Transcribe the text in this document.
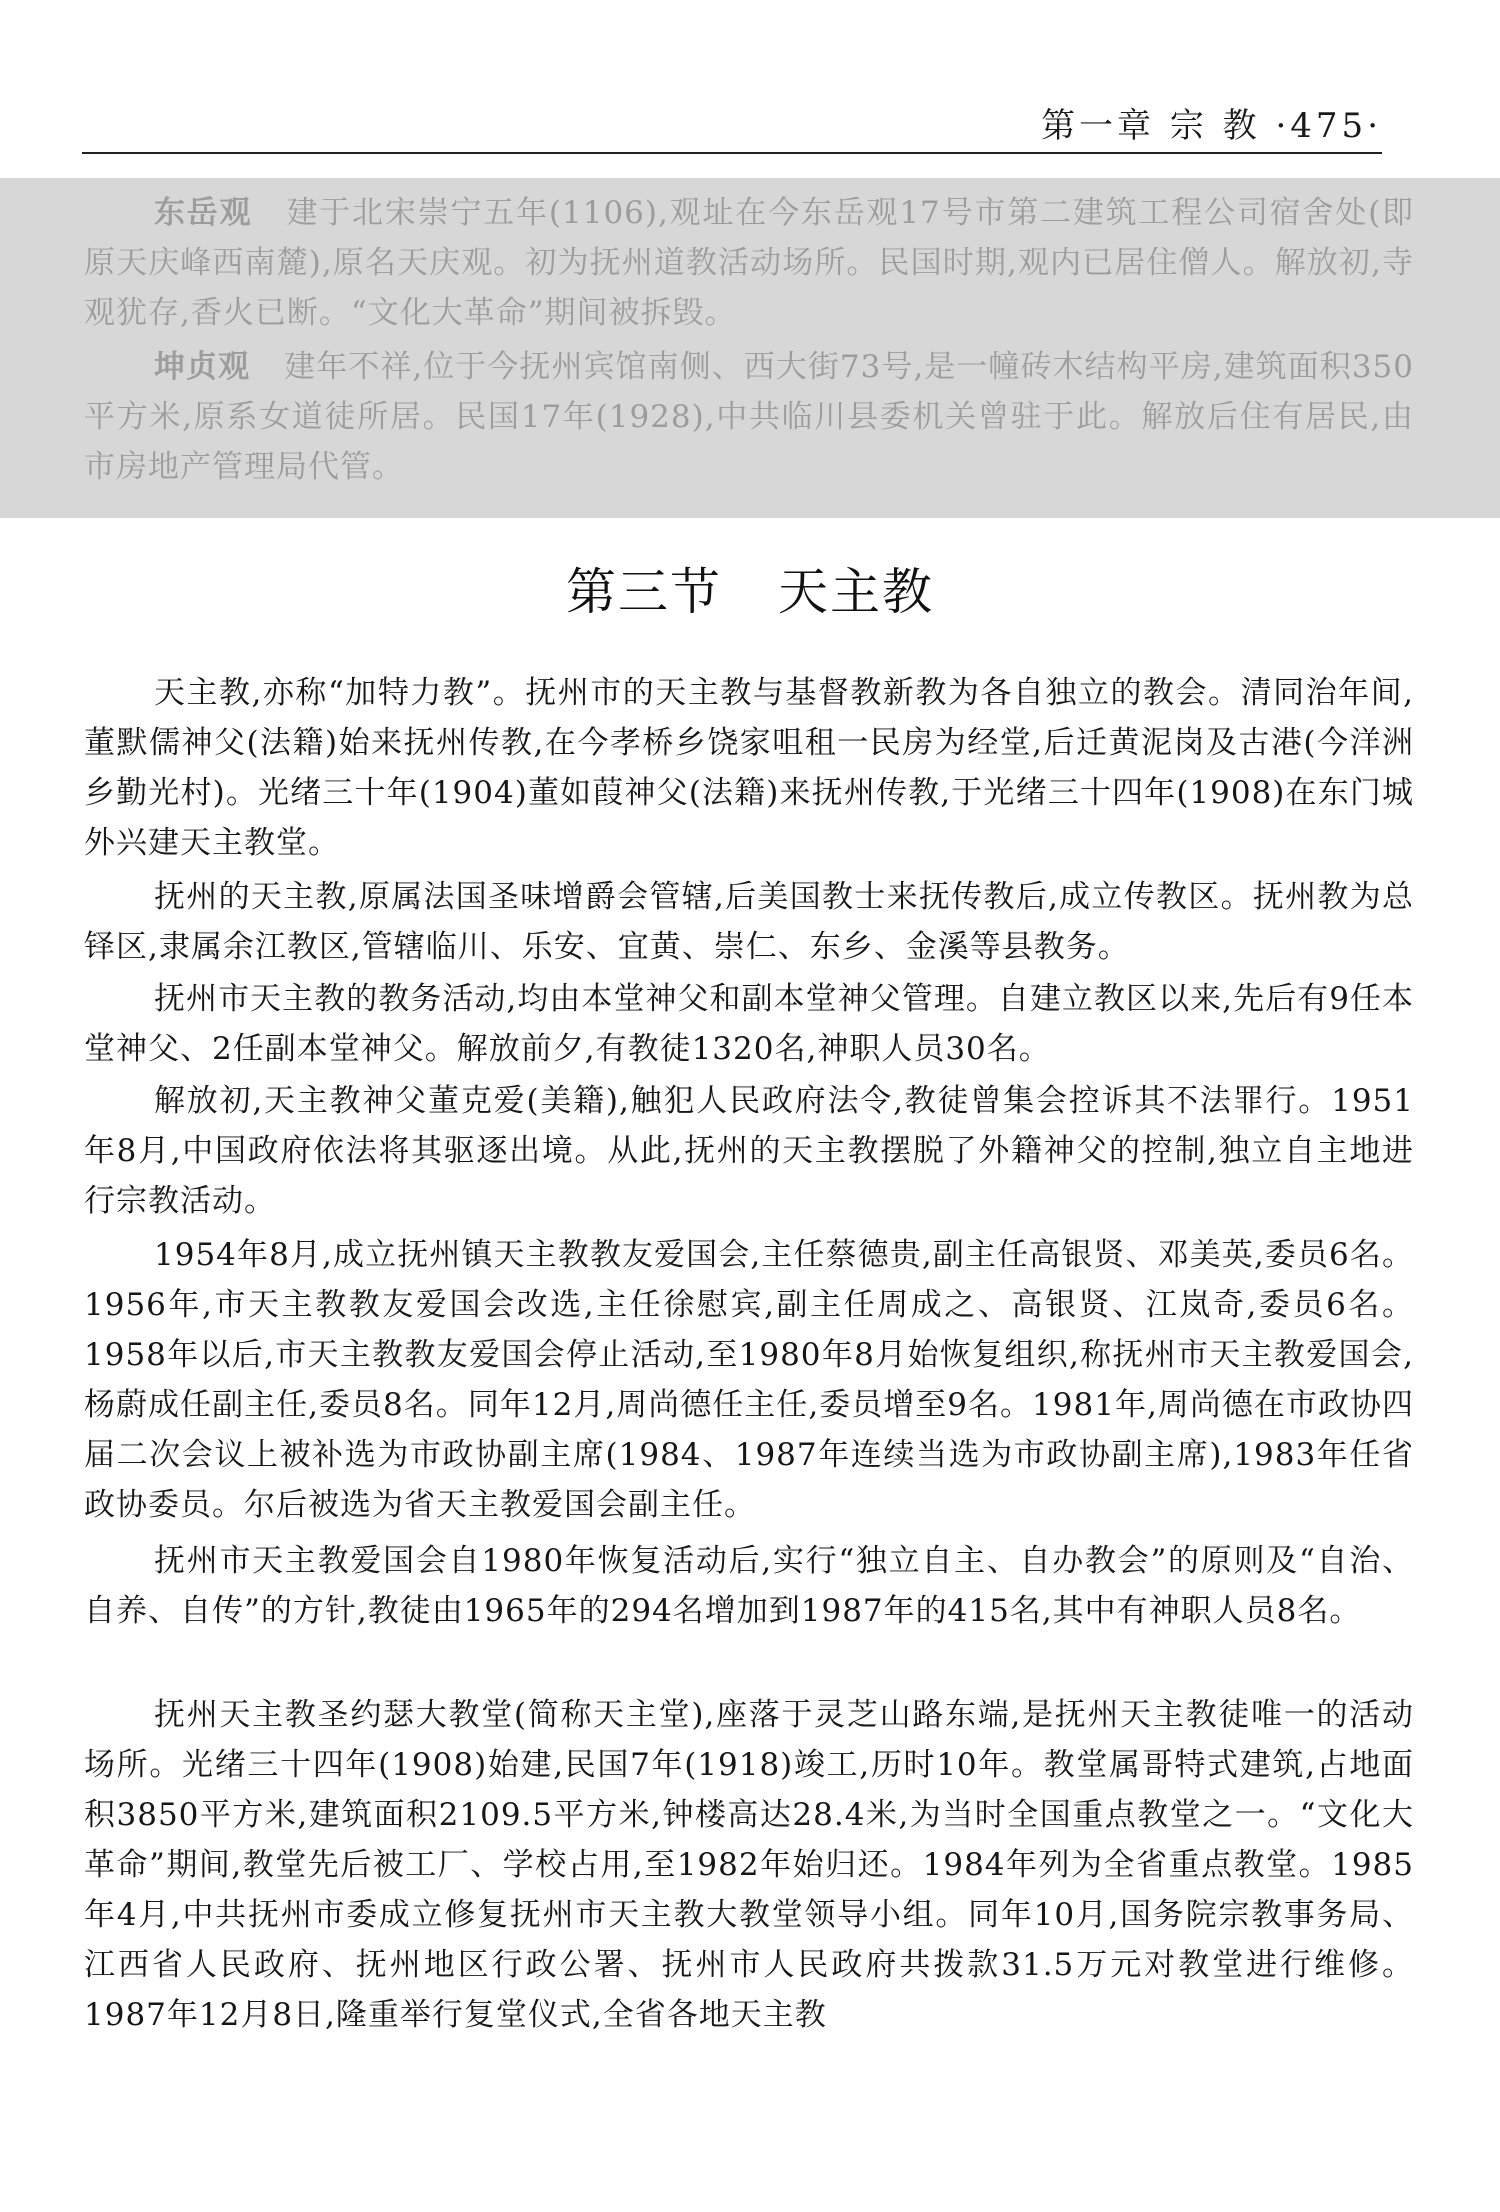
第一章 宗 教 ·475·

东岳观 建于北宋崇宁五年(1106),观址在今东岳观17号市第二建筑工程公司宿舍处(即原天庆峰西南麓),原名天庆观。初为抚州道教活动场所。民国时期,观内已居住僧人。解放初,寺观犹存,香火已断。“文化大革命”期间被拆毁。

坤贞观 建年不祥,位于今抚州宾馆南侧、西大街73号,是一幢砖木结构平房,建筑面积350平方米,原系女道徒所居。民国17年(1928),中共临川县委机关曾驻于此。解放后住有居民,由市房地产管理局代管。

第三节 天主教

天主教,亦称“加特力教”。抚州市的天主教与基督教新教为各自独立的教会。清同治年间,董默儒神父(法籍)始来抚州传教,在今孝桥乡饶家咀租一民房为经堂,后迁黄泥岗及古港(今洋洲乡勤光村)。光绪三十年(1904)董如葭神父(法籍)来抚州传教,于光绪三十四年(1908)在东门城外兴建天主教堂。

抚州的天主教,原属法国圣味增爵会管辖,后美国教士来抚传教后,成立传教区。抚州教为总铎区,隶属余江教区,管辖临川、乐安、宜黄、崇仁、东乡、金溪等县教务。

抚州市天主教的教务活动,均由本堂神父和副本堂神父管理。自建立教区以来,先后有9任本堂神父、2任副本堂神父。解放前夕,有教徒1320名,神职人员30名。

解放初,天主教神父董克爱(美籍),触犯人民政府法令,教徒曾集会控诉其不法罪行。1951年8月,中国政府依法将其驱逐出境。从此,抚州的天主教摆脱了外籍神父的控制,独立自主地进行宗教活动。

1954年8月,成立抚州镇天主教教友爱国会,主任蔡德贵,副主任高银贤、邓美英,委员6名。1956年,市天主教教友爱国会改选,主任徐慰宾,副主任周成之、高银贤、江岚奇,委员6名。1958年以后,市天主教教友爱国会停止活动,至1980年8月始恢复组织,称抚州市天主教爱国会,杨蔚成任副主任,委员8名。同年12月,周尚德任主任,委员增至9名。1981年,周尚德在市政协四届二次会议上被补选为市政协副主席(1984、1987年连续当选为市政协副主席),1983年任省政协委员。尔后被选为省天主教爱国会副主任。

抚州市天主教爱国会自1980年恢复活动后,实行“独立自主、自办教会”的原则及“自治、自养、自传”的方针,教徒由1965年的294名增加到1987年的415名,其中有神职人员8名。

抚州天主教圣约瑟大教堂(简称天主堂),座落于灵芝山路东端,是抚州天主教徒唯一的活动场所。光绪三十四年(1908)始建,民国7年(1918)竣工,历时10年。教堂属哥特式建筑,占地面积3850平方米,建筑面积2109.5平方米,钟楼高达28.4米,为当时全国重点教堂之一。“文化大革命”期间,教堂先后被工厂、学校占用,至1982年始归还。1984年列为全省重点教堂。1985年4月,中共抚州市委成立修复抚州市天主教大教堂领导小组。同年10月,国务院宗教事务局、江西省人民政府、抚州地区行政公署、抚州市人民政府共拨款31.5万元对教堂进行维修。1987年12月8日,隆重举行复堂仪式,全省各地天主教
